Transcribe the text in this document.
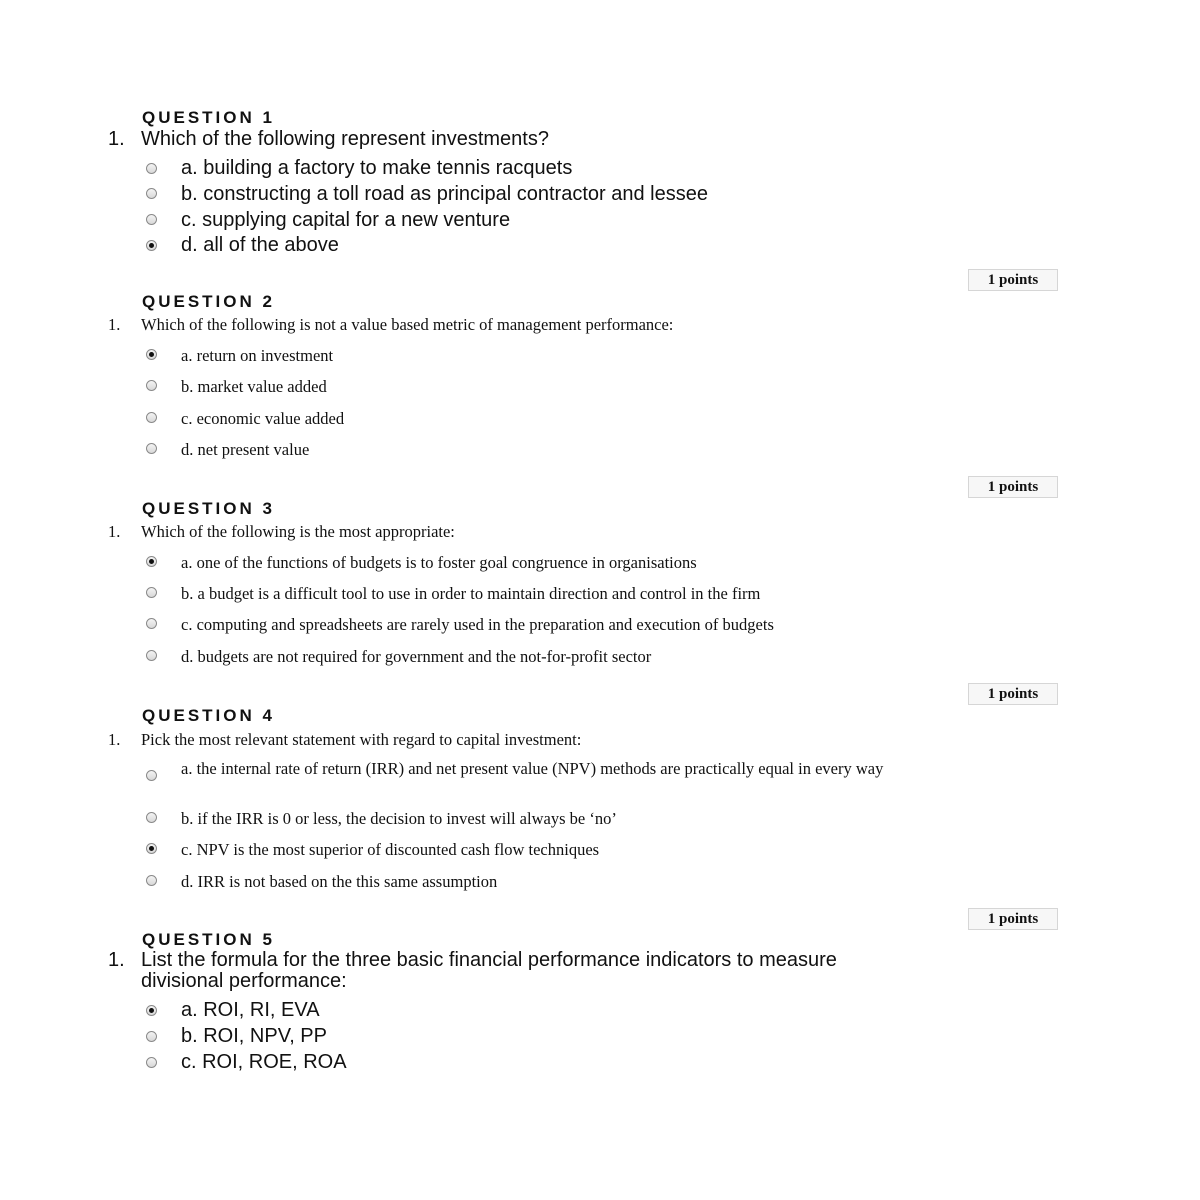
QUESTION 1
1. Which of the following represent investments?
a. building a factory to make tennis racquets
b. constructing a toll road as principal contractor and lessee
c. supplying capital for a new venture
d. all of the above
1 points
QUESTION 2
1. Which of the following is not a value based metric of management performance:
a. return on investment
b. market value added
c. economic value added
d. net present value
1 points
QUESTION 3
1. Which of the following is the most appropriate:
a. one of the functions of budgets is to foster goal congruence in organisations
b. a budget is a difficult tool to use in order to maintain direction and control in the firm
c. computing and spreadsheets are rarely used in the preparation and execution of budgets
d. budgets are not required for government and the not-for-profit sector
1 points
QUESTION 4
1. Pick the most relevant statement with regard to capital investment:
a. the internal rate of return (IRR) and net present value (NPV) methods are practically equal in every way
b. if the IRR is 0 or less, the decision to invest will always be ‘no’
c. NPV is the most superior of discounted cash flow techniques
d. IRR is not based on the this same assumption
1 points
QUESTION 5
1. List the formula for the three basic financial performance indicators to measure
divisional performance:
a. ROI, RI, EVA
b. ROI, NPV, PP
c. ROI, ROE, ROA
